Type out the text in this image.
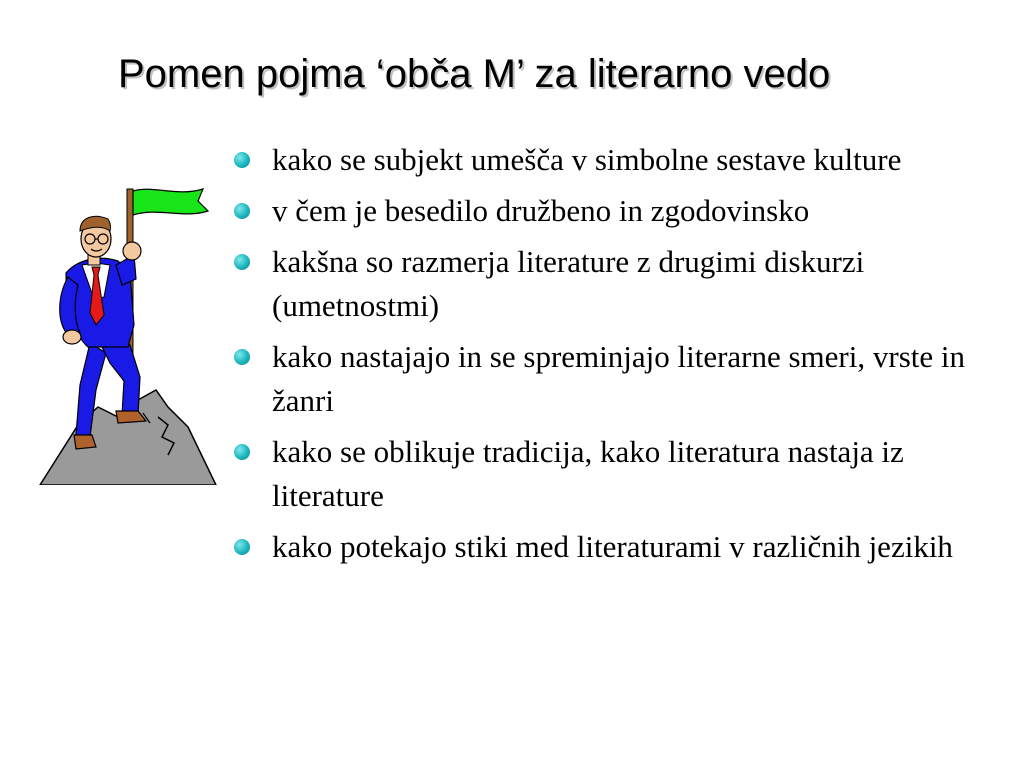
Pomen pojma ‘obča M’ za literarno vedo
kako se subjekt umešča v simbolne sestave kulture
v čem je besedilo družbeno in zgodovinsko
kakšna so razmerja literature z drugimi diskurzi (umetnostmi)
kako nastajajo in se spreminjajo literarne smeri, vrste in žanri
kako se oblikuje tradicija, kako literatura nastaja iz literature
kako potekajo stiki med literaturami v različnih jezikih
